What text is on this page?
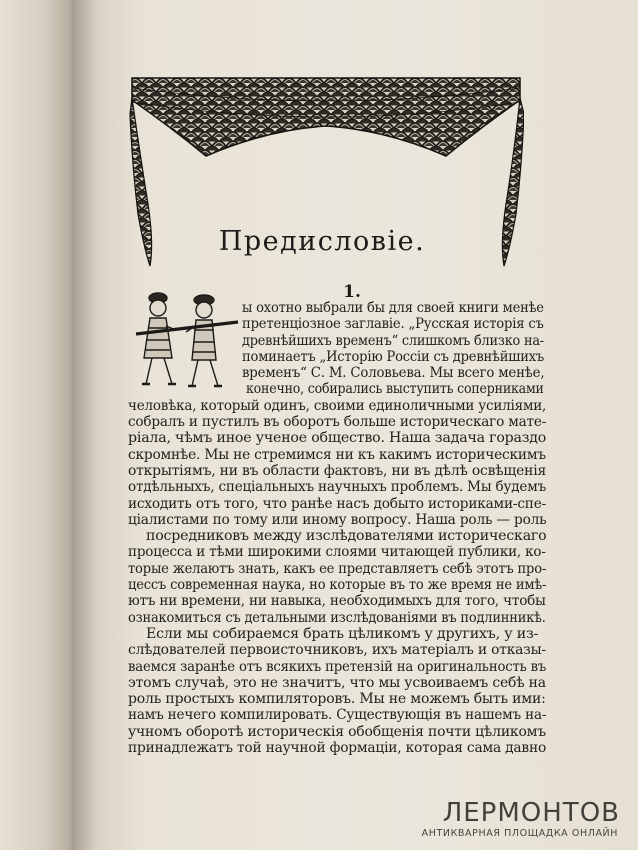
Предисловіе.
1.

ы охотно выбрали бы для своей книги менѣе

претенціозное заглавіе. „Русская исторія съ

древнѣйшихъ временъ“ слишкомъ близко на-

поминаетъ „Исторію Россіи съ древнѣйшихъ

временъ“ С. М. Соловьева. Мы всего менѣе,

конечно, собирались выступить соперниками

человѣка, который одинъ, своими единоличными усиліями,

собралъ и пустилъ въ оборотъ больше историческаго мате-

ріала, чѣмъ иное ученое общество. Наша задача гораздо

скромнѣе. Мы не стремимся ни къ какимъ историческимъ

открытіямъ, ни въ области фактовъ, ни въ дѣлѣ освѣщенія

отдѣльныхъ, спеціальныхъ научныхъ проблемъ. Мы будемъ

исходить отъ того, что ранѣе насъ добыто историками-спе-

ціалистами по тому или иному вопросу. Наша роль — роль

посредниковъ между изслѣдователями историческаго

процесса и тѣми широкими слоями читающей публики, ко-

торые желаютъ знать, какъ ее представляетъ себѣ этотъ про-

цессъ современная наука, но которые въ то же время не имѣ-

ютъ ни времени, ни навыка, необходимыхъ для того, чтобы

ознакомиться съ детальными изслѣдованіями въ подлинникѣ.

Если мы собираемся брать цѣликомъ у другихъ, у из-

слѣдователей первоисточниковъ, ихъ матеріалъ и отказы-

ваемся заранѣе отъ всякихъ претензій на оригинальность въ

этомъ случаѣ, это не значитъ, что мы усвоиваемъ себѣ на

роль простыхъ компиляторовъ. Мы не можемъ быть ими:

намъ нечего компилировать. Существующія въ нашемъ на-

учномъ оборотѣ историческія обобщенія почти цѣликомъ

принадлежатъ той научной формаціи, которая сама давно

ЛЕРМОНТОВ
АНТИКВАРНАЯ ПЛОЩАДКА ОНЛАЙН
